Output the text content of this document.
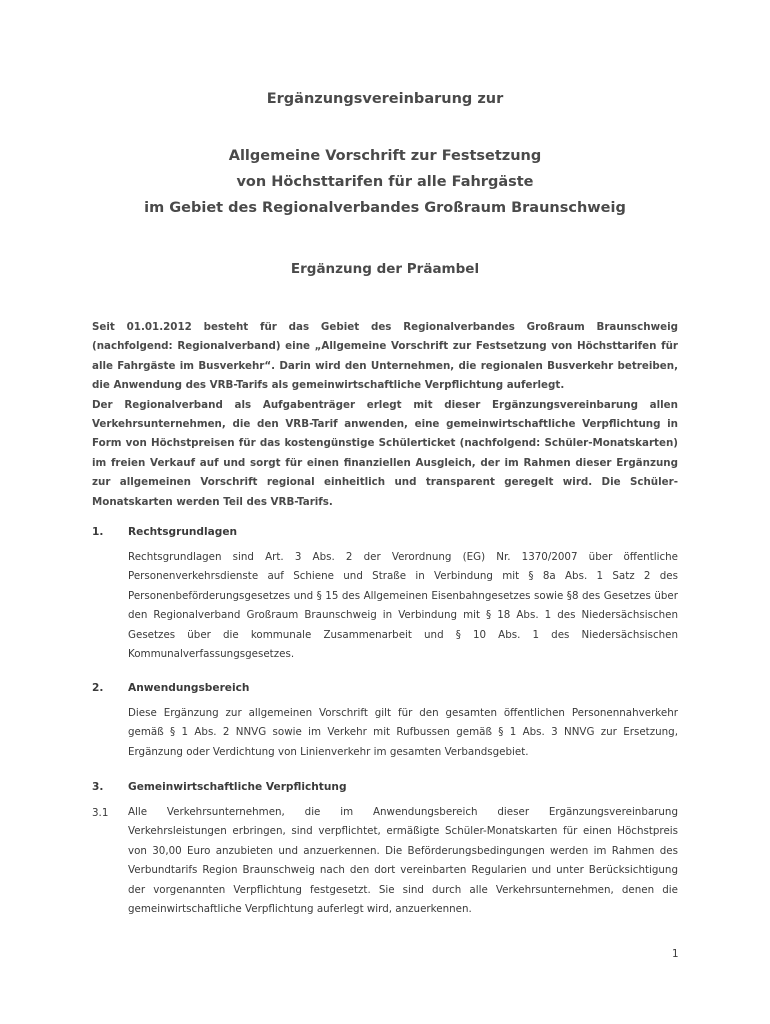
Ergänzungsvereinbarung zur
Allgemeine Vorschrift zur Festsetzung
von Höchsttarifen für alle Fahrgäste
im Gebiet des Regionalverbandes Großraum Braunschweig
Ergänzung der Präambel

Seit 01.01.2012 besteht für das Gebiet des Regionalverbandes Großraum Braunschweig (nachfolgend: Regionalverband) eine „Allgemeine Vorschrift zur Festsetzung von Höchsttarifen für alle Fahrgäste im Busverkehr“. Darin wird den Unternehmen, die regionalen Busverkehr betreiben, die Anwendung des VRB-Tarifs als gemeinwirtschaftliche Verpflichtung auferlegt.

Der Regionalverband als Aufgabenträger erlegt mit dieser Ergänzungsvereinbarung allen Verkehrsunternehmen, die den VRB-Tarif anwenden, eine gemeinwirtschaftliche Verpflichtung in Form von Höchstpreisen für das kostengünstige Schülerticket (nachfolgend: Schüler-Monatskarten) im freien Verkauf auf und sorgt für einen finanziellen Ausgleich, der im Rahmen dieser Ergänzung zur allgemeinen Vorschrift regional einheitlich und transparent geregelt wird. Die Schüler-Monatskarten werden Teil des VRB-Tarifs.

1. Rechtsgrundlagen

Rechtsgrundlagen sind Art. 3 Abs. 2 der Verordnung (EG) Nr. 1370/2007 über öffentliche Personenverkehrsdienste auf Schiene und Straße in Verbindung mit § 8a Abs. 1 Satz 2 des Personenbeförderungsgesetzes und § 15 des Allgemeinen Eisenbahngesetzes sowie §8 des Gesetzes über den Regionalverband Großraum Braunschweig in Verbindung mit § 18 Abs. 1 des Niedersächsischen Gesetzes über die kommunale Zusammenarbeit und § 10 Abs. 1 des Niedersächsischen Kommunalverfassungsgesetzes.

2. Anwendungsbereich

Diese Ergänzung zur allgemeinen Vorschrift gilt für den gesamten öffentlichen Personennahverkehr gemäß § 1 Abs. 2 NNVG sowie im Verkehr mit Rufbussen gemäß § 1 Abs. 3 NNVG zur Ersetzung, Ergänzung oder Verdichtung von Linienverkehr im gesamten Verbandsgebiet.

3. Gemeinwirtschaftliche Verpflichtung
3.1 Alle Verkehrsunternehmen, die im Anwendungsbereich dieser Ergänzungsvereinbarung Verkehrsleistungen erbringen, sind verpflichtet, ermäßigte Schüler-Monatskarten für einen Höchstpreis von 30,00 Euro anzubieten und anzuerkennen. Die Beförderungsbedingungen werden im Rahmen des Verbundtarifs Region Braunschweig nach den dort vereinbarten Regularien und unter Berücksichtigung der vorgenannten Verpflichtung festgesetzt. Sie sind durch alle Verkehrsunternehmen, denen die gemeinwirtschaftliche Verpflichtung auferlegt wird, anzuerkennen.

1
